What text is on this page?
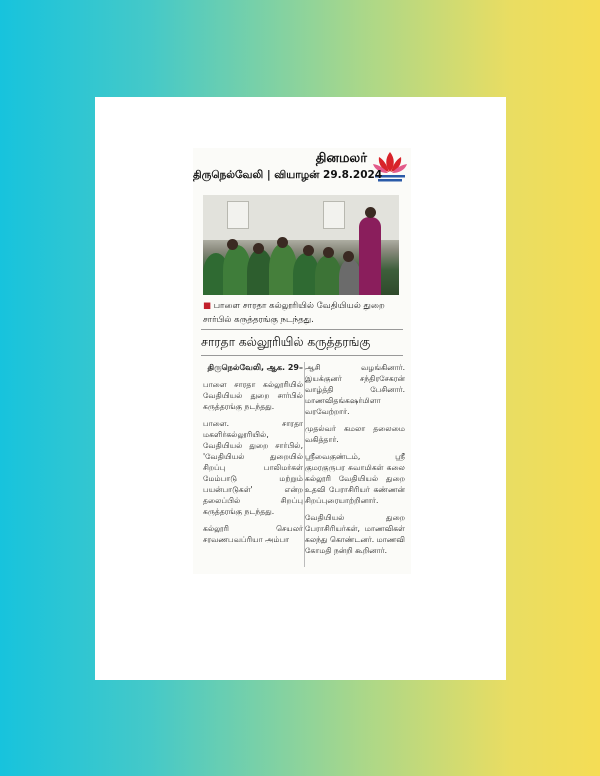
தினமலர்
திருநெல்வேலி | வியாழன் 29.8.2024
■ பாளை சாரதா கல்லூரியில் வேதியியல் துறை சார்பில் கருத்தரங்கு நடந்தது.
சாரதா கல்லூரியில் கருத்தரங்கு

திருநெல்வேலி, ஆக. 29–

பாளை சாரதா கல்லூரியில் வேதியியல் துறை சார்பில் கருத்தரங்கு நடந்தது.

பாளை. சாரதா மகளிர்கல்லூரியில், வேதியியல் துறை சார்பில், 'வேதியியல் துறையில் சிறப்பு பாலிமர்கள் மேம்பாடு மற்றும் பயன்பாடுகள்' என்ற தலைப்பில் சிறப்பு கருத்தரங்கு நடந்தது.

கல்லூரி செயலர் சரவணபவப்ரியா அம்பா

ஆசி வழங்கினார். இயக்குனர் சந்திரசேகரன் வாழ்த்தி பேசினார். மாணவிதங்கஷர்மிளா வரவேற்றார்.

முதல்வர் கமலா தலைமை வகித்தார்.

ஸ்ரீவைகுண்டம், ஸ்ரீ குமரகுருபர சுவாமிகள் கலை கல்லூரி வேதியியல் துறை உதவி பேராசிரியர் கண்ணன் சிறப்புரையாற்றினார்.

வேதியியல் துறை பேராசிரியர்கள், மாணவிகள் கலந்து கொண்டனர். மாணவி கோமதி நன்றி கூறினார்.
